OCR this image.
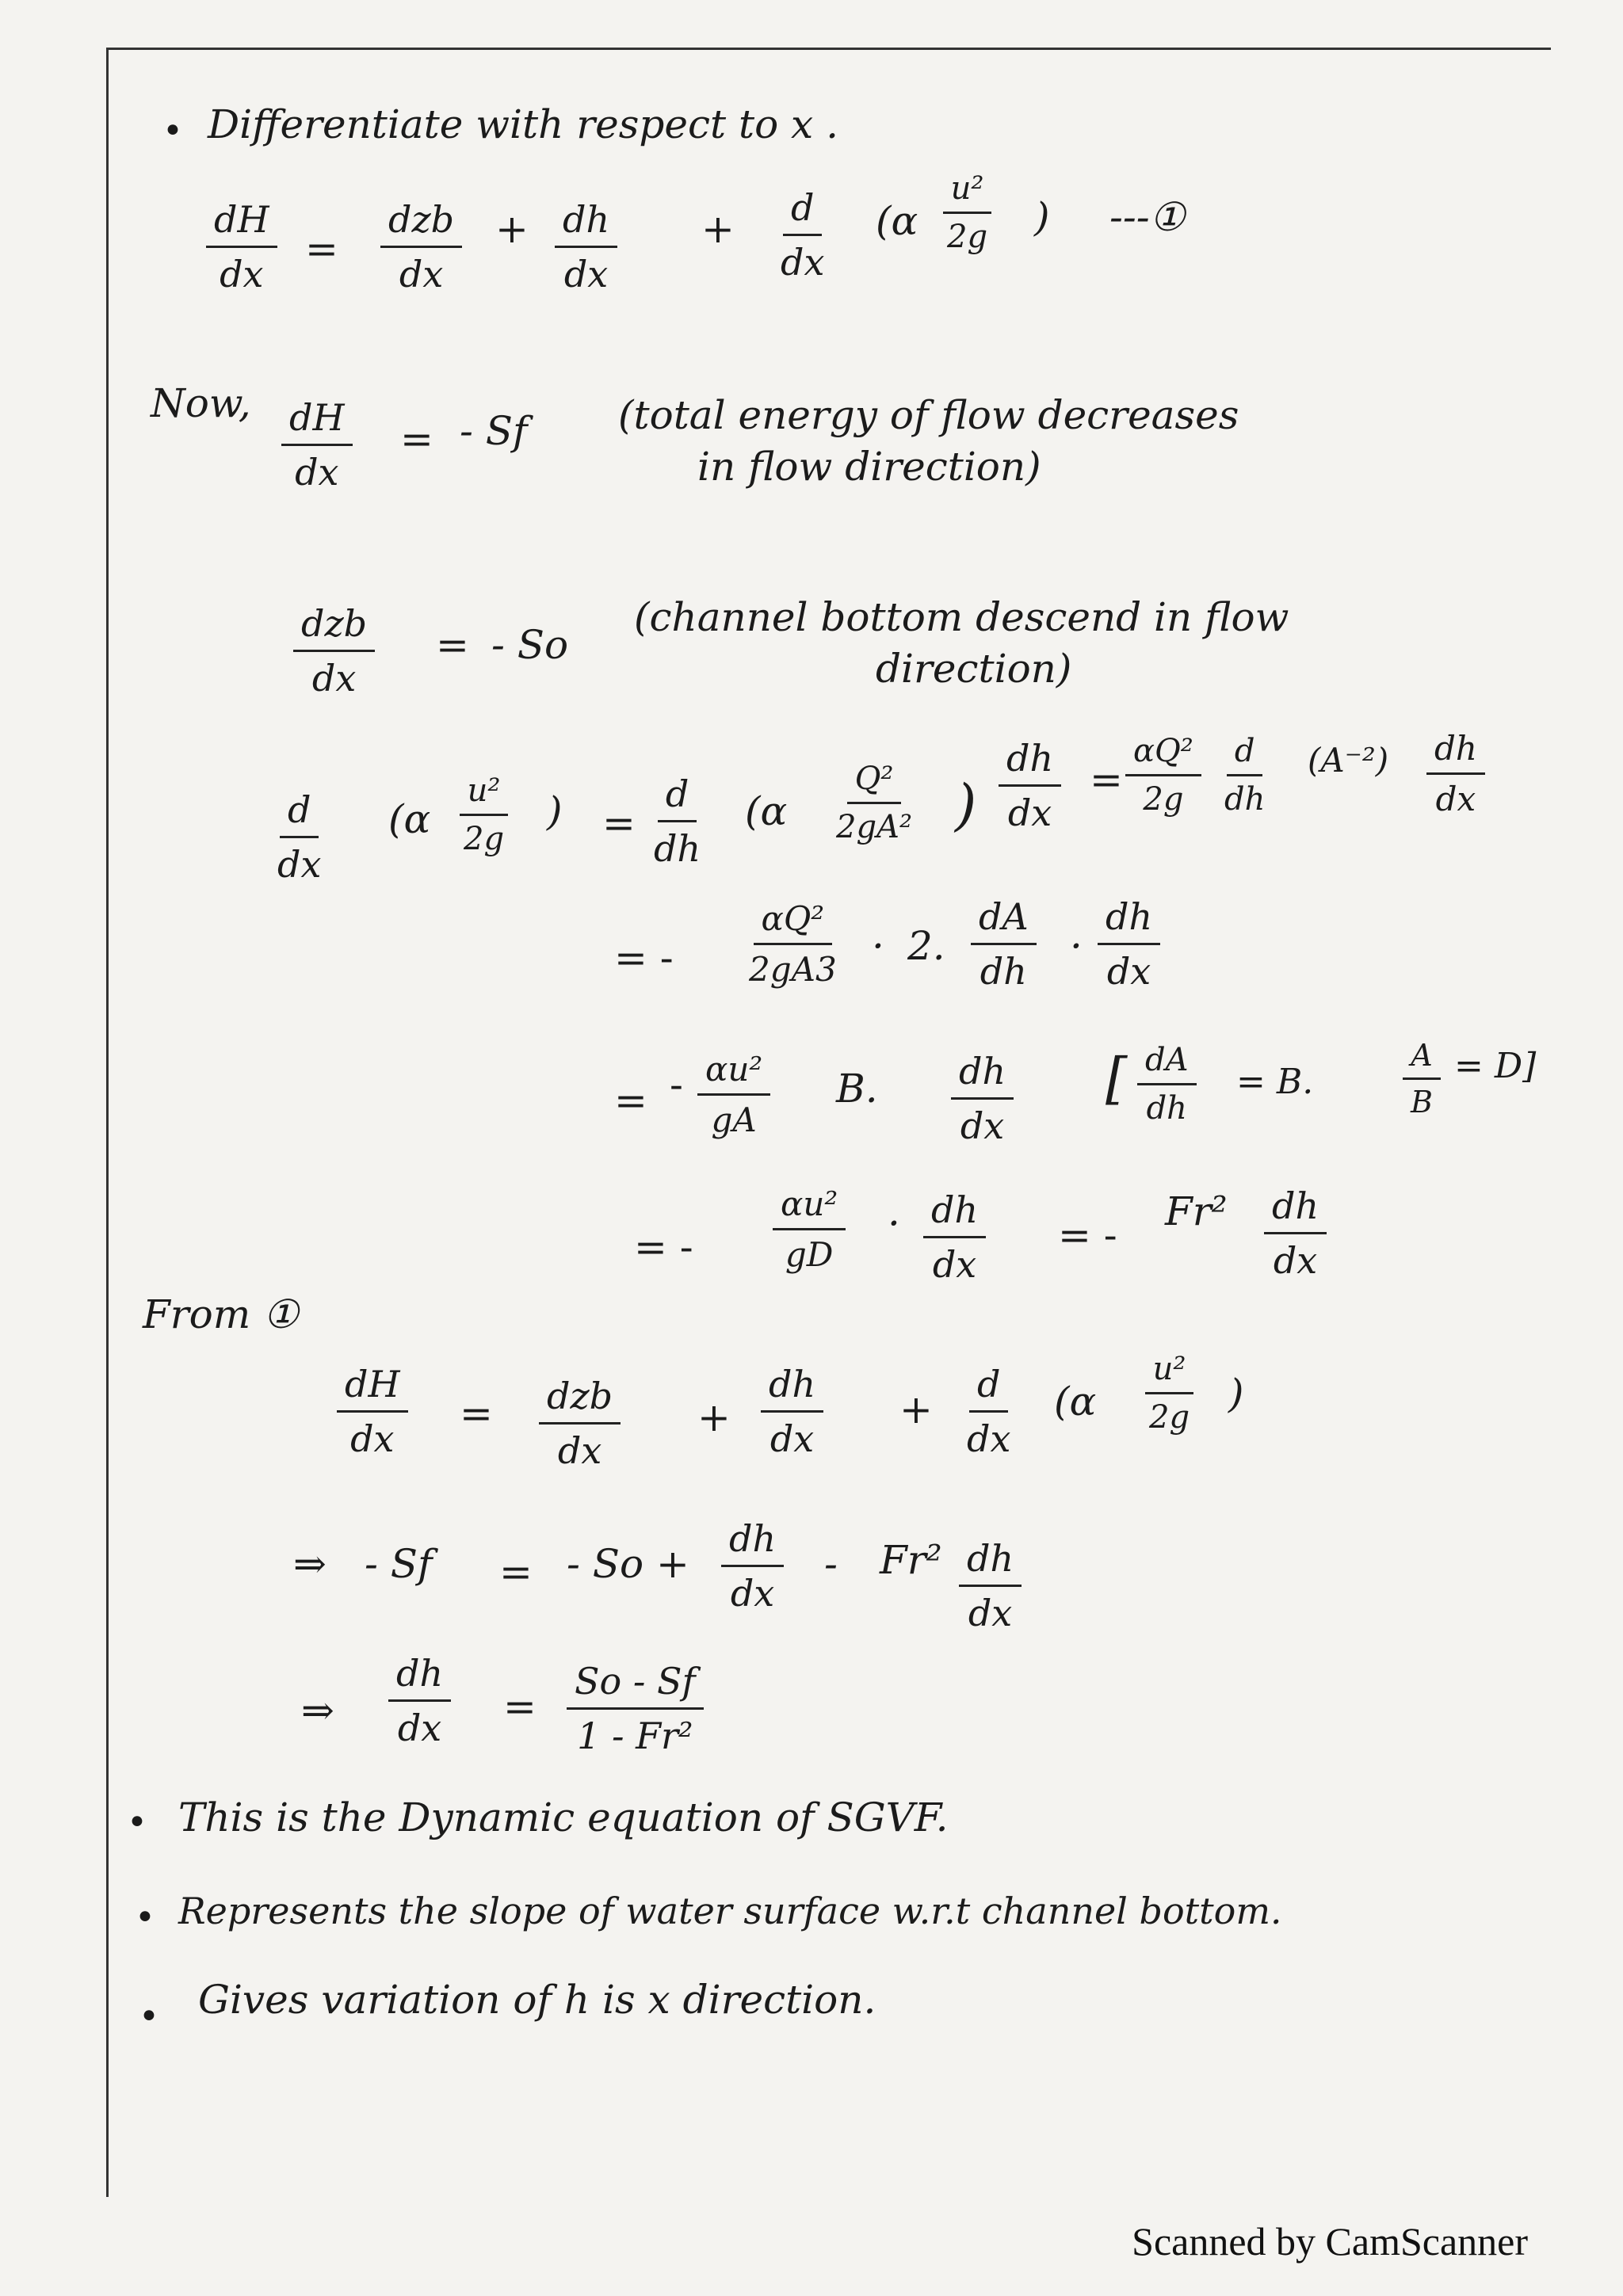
• Differentiate with respect to x .
$\frac{dH}{dx}$ =
dzb
dx
+ $\frac{dh}{dx} + \frac{d}{dx} (\alpha \frac{\text{u²}}{2g}$ ) ---①
Now, $\frac{dH}{dx}$ = - Sf (total energy of flow decreases
in flow direction)
dzb
dx
= - So
(channel bottom descend in flow
direction)
$\frac{d}{dx} (\alpha \frac{\text{u²}}{2g}$ ) = $\frac{d}{dh} (\alpha \frac{\text{Q²}}{\text{2gA²}}$ ) $\frac{dh}{dx} = \frac{\text{αQ²}}{2g} \frac{d}{dh} (A^{-2}) \frac{dh}{dx}$
= - $\frac{\text{αQ²}}{2gA3} \cdot 2$. $\frac{dA}{dh} \cdot \frac{dh}{dx}$
= - $\frac{\text{αu²}}{gA} B$. $\frac{dh}{dx}$ [ $\frac{dA}{dh} = B$.	$\frac{A}{B} = D$]
= - $\frac{\text{αu²}}{gD} \cdot \frac{dh}{dx}$ = -
$Fr^2 \frac{dh}{dx}$
From ①
$\frac{dH}{dx}$ = dzb
dx
+ $\frac{dh}{dx} + \frac{d}{dx} (\alpha \frac{\text{u²}}{2g}$ )
⇒ - Sf = - $So + \frac{dh}{dx} - Fr^2 \frac{dh}{dx}$
⇒ $\frac{dh}{dx} = \frac{So - Sf}{\text{1 - Fr²}}$
• This is the Dynamic equation of SGVF.
• Represents the slope of water surface w.r.t channel bottom.
• Gives variation of h is x direction.
Scanned by CamScanner
